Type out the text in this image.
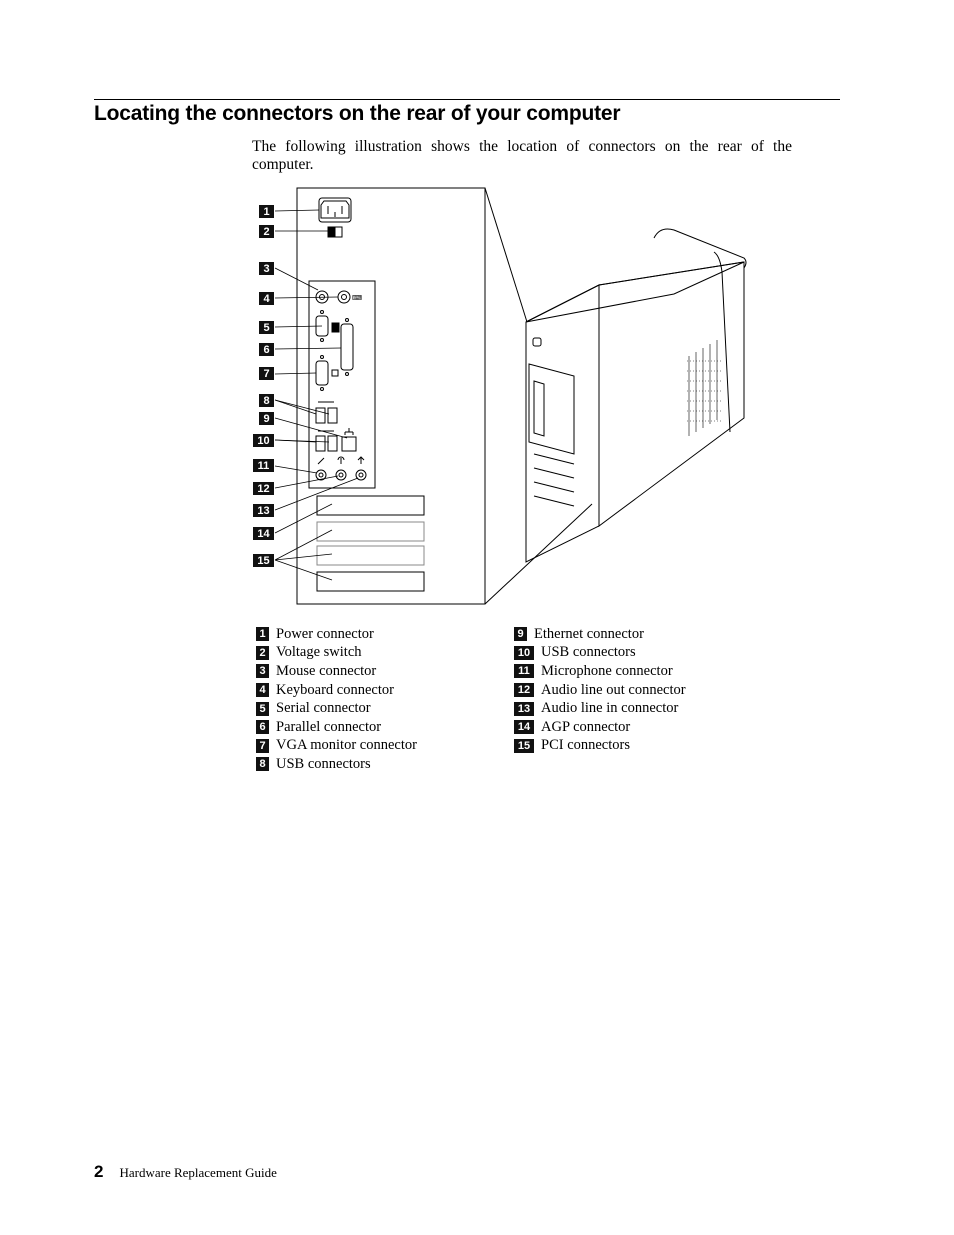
Locating the connectors on the rear of your computer

The following illustration shows the location of connectors on the rear of the computer.

⌨
1
2
3
4
5
6
7
8
9
10
11
12
13
14
15
1 Power connector
2 Voltage switch
3 Mouse connector
4 Keyboard connector
5 Serial connector
6 Parallel connector
7 VGA monitor connector
8 USB connectors
9 Ethernet connector
10 USB connectors
11 Microphone connector
12 Audio line out connector
13 Audio line in connector
14 AGP connector
15 PCI connectors
2 Hardware Replacement Guide
